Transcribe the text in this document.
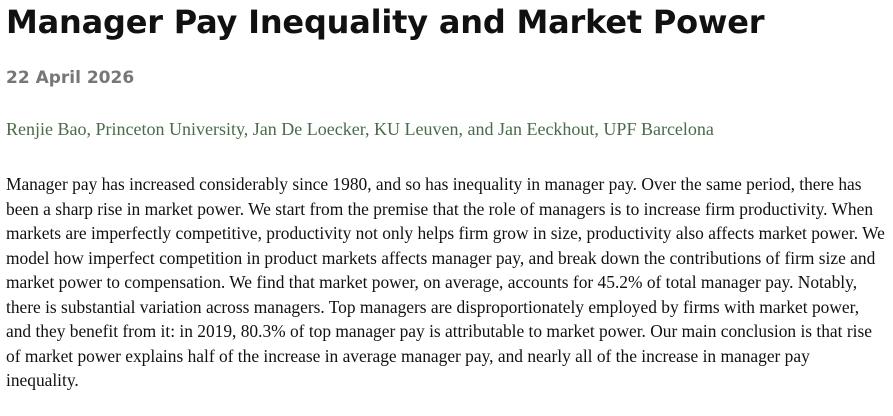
Manager Pay Inequality and Market Power
22 April 2026
Renjie Bao, Princeton University, Jan De Loecker, KU Leuven, and Jan Eeckhout, UPF Barcelona

Manager pay has increased considerably since 1980, and so has inequality in manager pay. Over the same period, there has been a sharp rise in market power. We start from the premise that the role of managers is to increase firm productivity. When markets are imperfectly competitive, productivity not only helps firm grow in size, productivity also affects market power. We model how imperfect competition in product markets affects manager pay, and break down the contributions of firm size and market power to compensation. We find that market power, on average, accounts for 45.2% of total manager pay. Notably, there is substantial variation across managers. Top managers are disproportionately employed by firms with market power, and they benefit from it: in 2019, 80.3% of top manager pay is attributable to market power. Our main conclusion is that rise of market power explains half of the increase in average manager pay, and nearly all of the increase in manager pay inequality.
